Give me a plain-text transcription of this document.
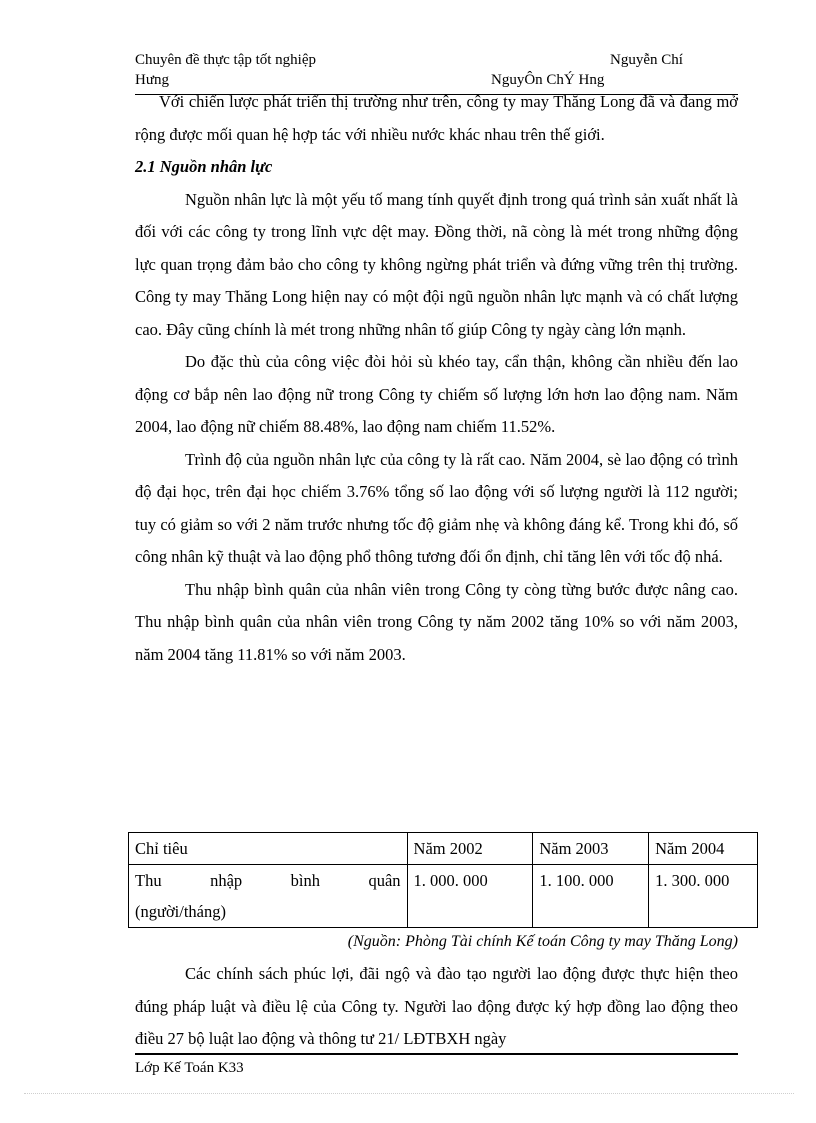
Chuyên đề thực tập tốt nghiệp
Hưng
Nguyễn Chí
NguyÔn ChÝ Hng

Với chiến lược phát triển thị trường như trên, công ty may Thăng Long đã và đang mở rộng được mối quan hệ hợp tác với nhiều nước khác nhau trên thế giới.

2.1 Nguồn nhân lực

Nguồn nhân lực là một yếu tố mang tính quyết định trong quá trình sản xuất nhất là đối với các công ty trong lĩnh vực dệt may. Đồng thời, nã còng là mét trong những động lực quan trọng đảm bảo cho công ty không ngừng phát triển và đứng vững trên thị trường. Công ty may Thăng Long hiện nay có một đội ngũ nguồn nhân lực mạnh và có chất lượng cao. Đây cũng chính là mét trong những nhân tố giúp Công ty ngày càng lớn mạnh.

Do đặc thù của công việc đòi hỏi sù khéo tay, cẩn thận, không cần nhiều đến lao động cơ bắp nên lao động nữ trong Công ty chiếm số lượng lớn hơn lao động nam. Năm 2004, lao động nữ chiếm 88.48%, lao động nam chiếm 11.52%.

Trình độ của nguồn nhân lực của công ty là rất cao. Năm 2004, sè lao động có trình độ đại học, trên đại học chiếm 3.76% tổng số lao động với số lượng người là 112 người; tuy có giảm so với 2 năm trước nhưng tốc độ giảm nhẹ và không đáng kể. Trong khi đó, số công nhân kỹ thuật và lao động phổ thông tương đối ổn định, chỉ tăng lên với tốc độ nhá.

Thu nhập bình quân của nhân viên trong Công ty còng từng bước được nâng cao. Thu nhập bình quân của nhân viên trong Công ty năm 2002 tăng 10% so với năm 2003, năm 2004 tăng 11.81% so với năm 2003.

Chỉ tiêu	Năm 2002	Năm 2003	Năm 2004

Thu nhập bình quân
(người/tháng)	1. 000. 000	1. 100. 000	1. 300. 000
(Nguồn: Phòng Tài chính Kế toán Công ty may Thăng Long)

Các chính sách phúc lợi, đãi ngộ và đào tạo người lao động được thực hiện theo đúng pháp luật và điều lệ của Công ty. Người lao động được ký hợp đồng lao động theo điều 27 bộ luật lao động và thông tư 21/ LĐTBXH ngày

Lớp Kế Toán K33
